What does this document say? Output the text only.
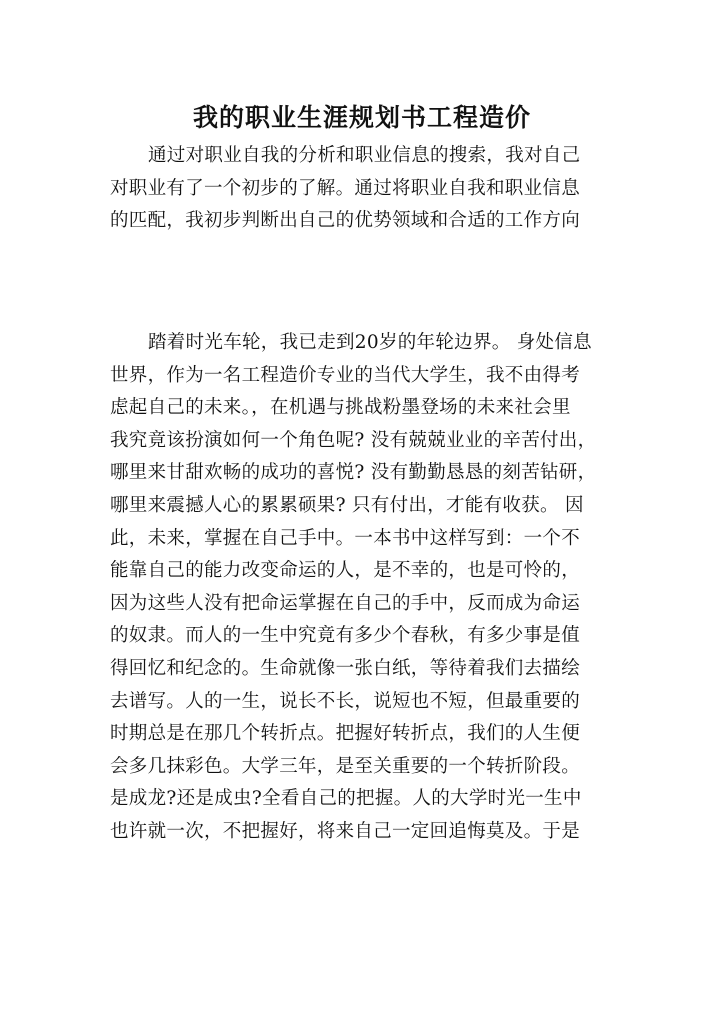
我的职业生涯规划书工程造价
通过对职业自我的分析和职业信息的搜索，我对自己
对职业有了一个初步的了解。通过将职业自我和职业信息
的匹配，我初步判断出自己的优势领域和合适的工作方向
踏着时光车轮，我已走到20岁的年轮边界。 身处信息
世界，作为一名工程造价专业的当代大学生，我不由得考
虑起自己的未来。，在机遇与挑战粉墨登场的未来社会里
我究竟该扮演如何一个角色呢? 没有兢兢业业的辛苦付出，
哪里来甘甜欢畅的成功的喜悦? 没有勤勤恳恳的刻苦钻研，
哪里来震撼人心的累累硕果? 只有付出，才能有收获。 因
此，未来，掌握在自己手中。一本书中这样写到：一个不
能靠自己的能力改变命运的人，是不幸的，也是可怜的，
因为这些人没有把命运掌握在自己的手中，反而成为命运
的奴隶。而人的一生中究竟有多少个春秋，有多少事是值
得回忆和纪念的。生命就像一张白纸，等待着我们去描绘
去谱写。人的一生，说长不长，说短也不短，但最重要的
时期总是在那几个转折点。把握好转折点，我们的人生便
会多几抹彩色。大学三年，是至关重要的一个转折阶段。
是成龙?还是成虫?全看自己的把握。人的大学时光一生中
也许就一次，不把握好，将来自己一定回追悔莫及。于是
